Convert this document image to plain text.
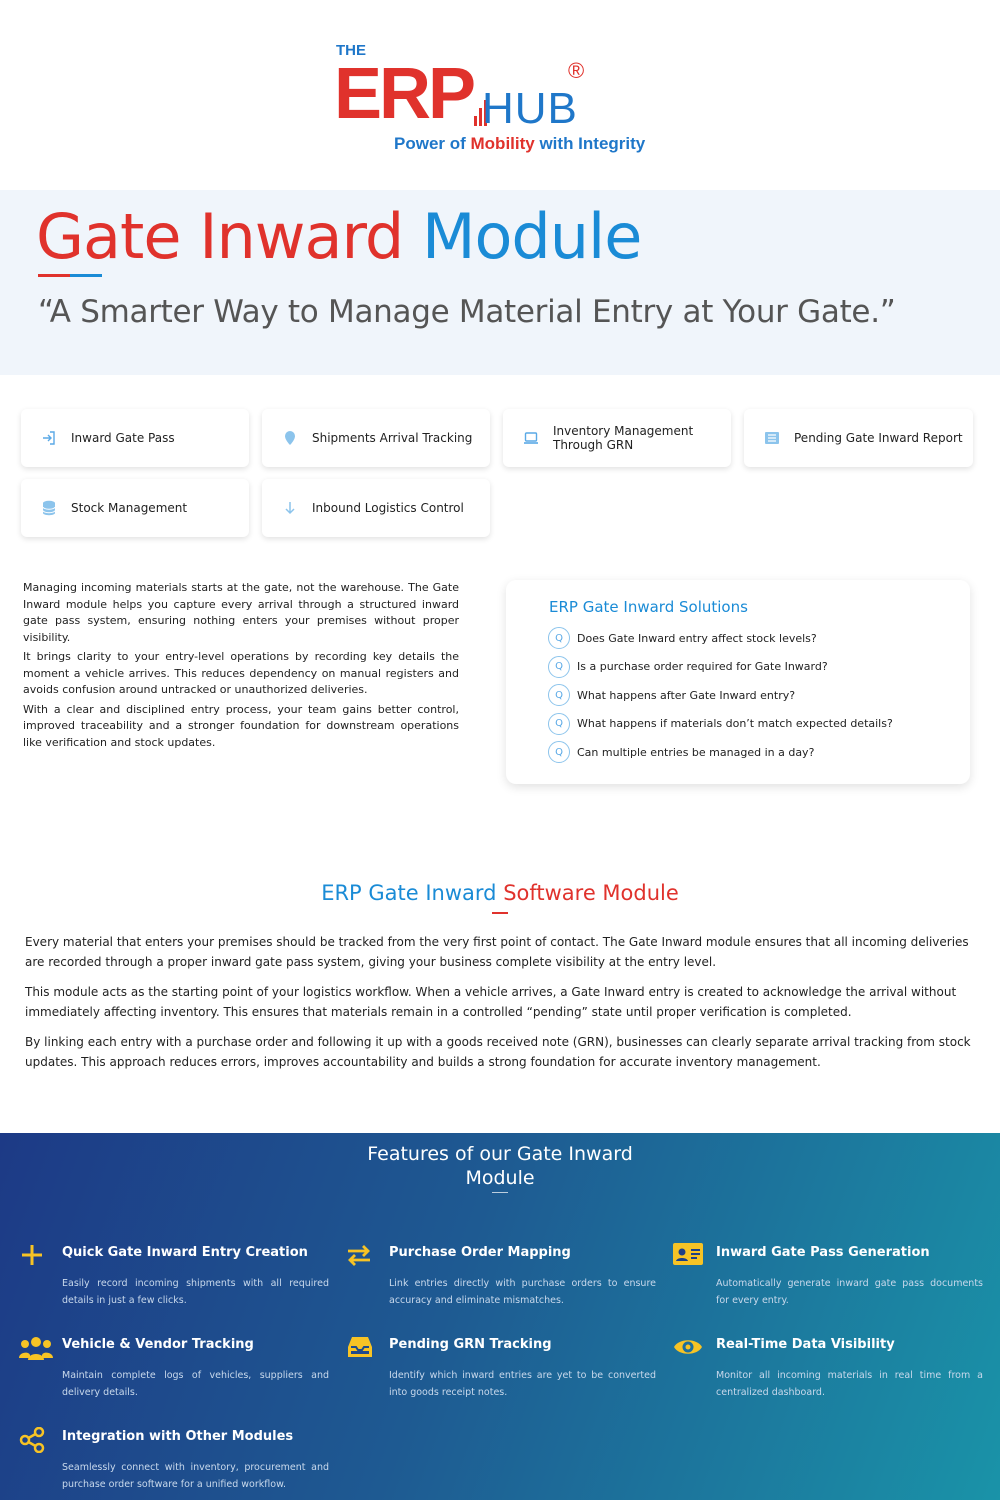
THE
ERP HUB
®
Power of Mobility with Integrity
Gate Inward Module
“A Smarter Way to Manage Material Entry at Your Gate.”
Inward Gate Pass	Shipments Arrival Tracking	Inventory Management Through GRN	Pending Gate Inward Report
Stock Management	Inbound Logistics Control

Managing incoming materials starts at the gate, not the warehouse. The Gate Inward module helps you capture every arrival through a structured inward gate pass system, ensuring nothing enters your premises without proper visibility.

It brings clarity to your entry-level operations by recording key details the moment a vehicle arrives. This reduces dependency on manual registers and avoids confusion around untracked or unauthorized deliveries.

With a clear and disciplined entry process, your team gains better control, improved traceability and a stronger foundation for downstream operations like verification and stock updates.

ERP Gate Inward Solutions
Q	Does Gate Inward entry affect stock levels?
Q	Is a purchase order required for Gate Inward?
Q	What happens after Gate Inward entry?
Q	What happens if materials don’t match expected details?
Q	Can multiple entries be managed in a day?
ERP Gate Inward Software Module

Every material that enters your premises should be tracked from the very first point of contact. The Gate Inward module ensures that all incoming deliveries are recorded through a proper inward gate pass system, giving your business complete visibility at the entry level.

This module acts as the starting point of your logistics workflow. When a vehicle arrives, a Gate Inward entry is created to acknowledge the arrival without immediately affecting inventory. This ensures that materials remain in a controlled “pending” state until proper verification is completed.

By linking each entry with a purchase order and following it up with a goods received note (GRN), businesses can clearly separate arrival tracking from stock updates. This approach reduces errors, improves accountability and builds a strong foundation for accurate inventory management.

Features of our Gate Inward
Module
Quick Gate Inward Entry Creation
Easily record incoming shipments with all required details in just a few clicks.
Purchase Order Mapping
Link entries directly with purchase orders to ensure accuracy and eliminate mismatches.
Inward Gate Pass Generation
Automatically generate inward gate pass documents for every entry.
Vehicle & Vendor Tracking
Maintain complete logs of vehicles, suppliers and delivery details.
Pending GRN Tracking
Identify which inward entries are yet to be converted into goods receipt notes.
Real-Time Data Visibility
Monitor all incoming materials in real time from a centralized dashboard.
Integration with Other Modules
Seamlessly connect with inventory, procurement and purchase order software for a unified workflow.
